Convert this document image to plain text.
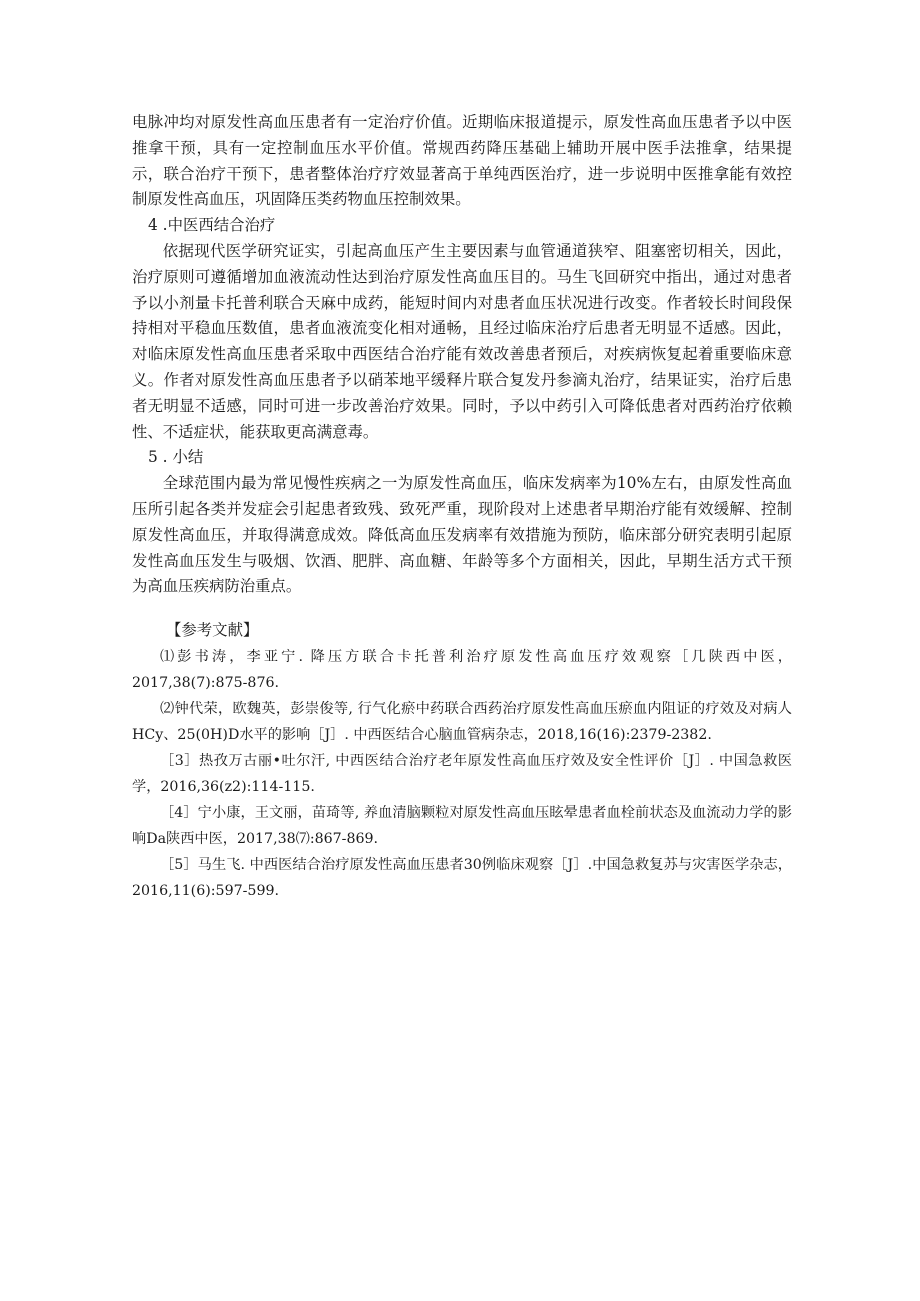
电脉冲均对原发性高血压患者有一定治疗价值。近期临床报道提示，原发性高血压患者予以中医推拿干预，具有一定控制血压水平价值。常规西药降压基础上辅助开展中医手法推拿，结果提示，联合治疗干预下，患者整体治疗疗效显著高于单纯西医治疗，进一步说明中医推拿能有效控制原发性高血压，巩固降压类药物血压控制效果。

4 .中医西结合治疗

依据现代医学研究证实，引起高血压产生主要因素与血管通道狭窄、阻塞密切相关，因此，治疗原则可遵循增加血液流动性达到治疗原发性高血压目的。马生飞回研究中指出，通过对患者予以小剂量卡托普利联合天麻中成药，能短时间内对患者血压状况进行改变。作者较长时间段保持相对平稳血压数值，患者血液流变化相对通畅，且经过临床治疗后患者无明显不适感。因此，对临床原发性高血压患者采取中西医结合治疗能有效改善患者预后，对疾病恢复起着重要临床意义。作者对原发性高血压患者予以硝苯地平缓释片联合复发丹参滴丸治疗，结果证实，治疗后患者无明显不适感，同时可进一步改善治疗效果。同时，予以中药引入可降低患者对西药治疗依赖性、不适症状，能获取更高满意毒。

5 . 小结

全球范围内最为常见慢性疾病之一为原发性高血压，临床发病率为10%左右，由原发性高血压所引起各类并发症会引起患者致残、致死严重，现阶段对上述患者早期治疗能有效缓解、控制原发性高血压，并取得满意成效。降低高血压发病率有效措施为预防，临床部分研究表明引起原发性高血压发生与吸烟、饮酒、肥胖、高血糖、年龄等多个方面相关，因此，早期生活方式干预为高血压疾病防治重点。

【参考文献】

⑴彭书涛，李亚宁. 降压方联合卡托普利治疗原发性高血压疗效观察［几陕西中医，2017,38(7):875-876.

⑵钟代荣，欧魏英，彭崇俊等, 行气化瘀中药联合西药治疗原发性高血压瘀血内阻证的疗效及对病人HCy、25(0H)D水平的影响［J］. 中西医结合心脑血管病杂志，2018,16(16):2379-2382.

［3］热孜万古丽•吐尔汗, 中西医结合治疗老年原发性高血压疗效及安全性评价［J］. 中国急救医学，2016,36(z2):114-115.

［4］宁小康，王文丽，苗琦等, 养血清脑颗粒对原发性高血压眩晕患者血栓前状态及血流动力学的影响Da陕西中医，2017,38⑺:867-869.

［5］马生飞. 中西医结合治疗原发性高血压患者30例临床观察［J］.中国急救复苏与灾害医学杂志，2016,11(6):597-599.
